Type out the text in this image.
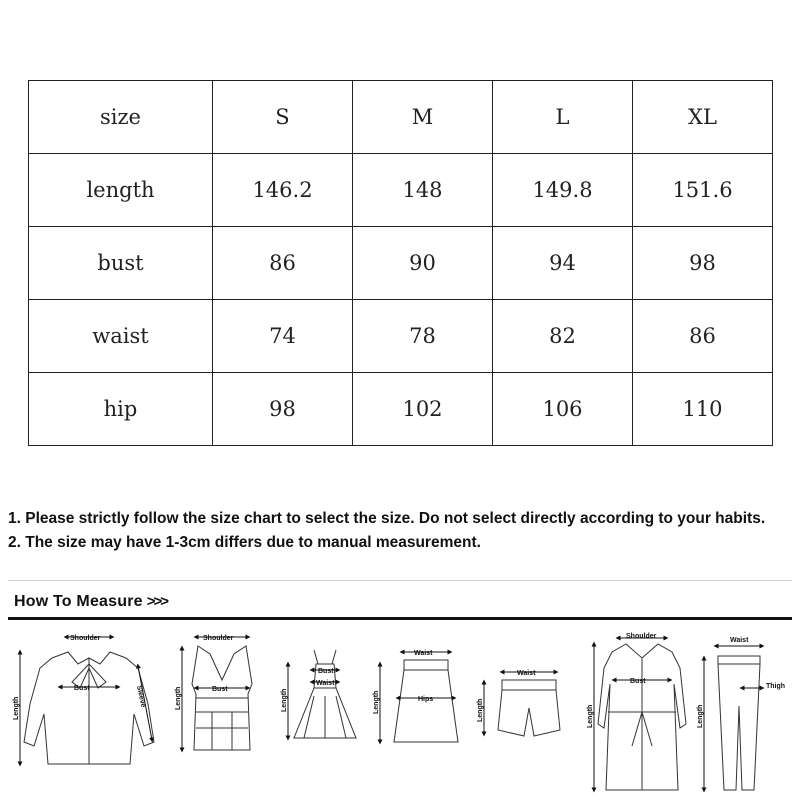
size	S	M	L	XL
length	146.2	148	149.8	151.6
bust	86	90	94	98
waist	74	78	82	86
hip	98	102	106	110

1. Please strictly follow the size chart to select the size. Do not select directly according to your habits.

2. The size may have 1-3cm differs due to manual measurement.

How To Measure >>>
Shoulder
Bust
Length
Sleeve
Shoulder
Bust
Length
Bust
Waist
Length
Waist
Hips
Length
Waist
Length
Shoulder
Bust
Length
Waist
Thigh
Length
